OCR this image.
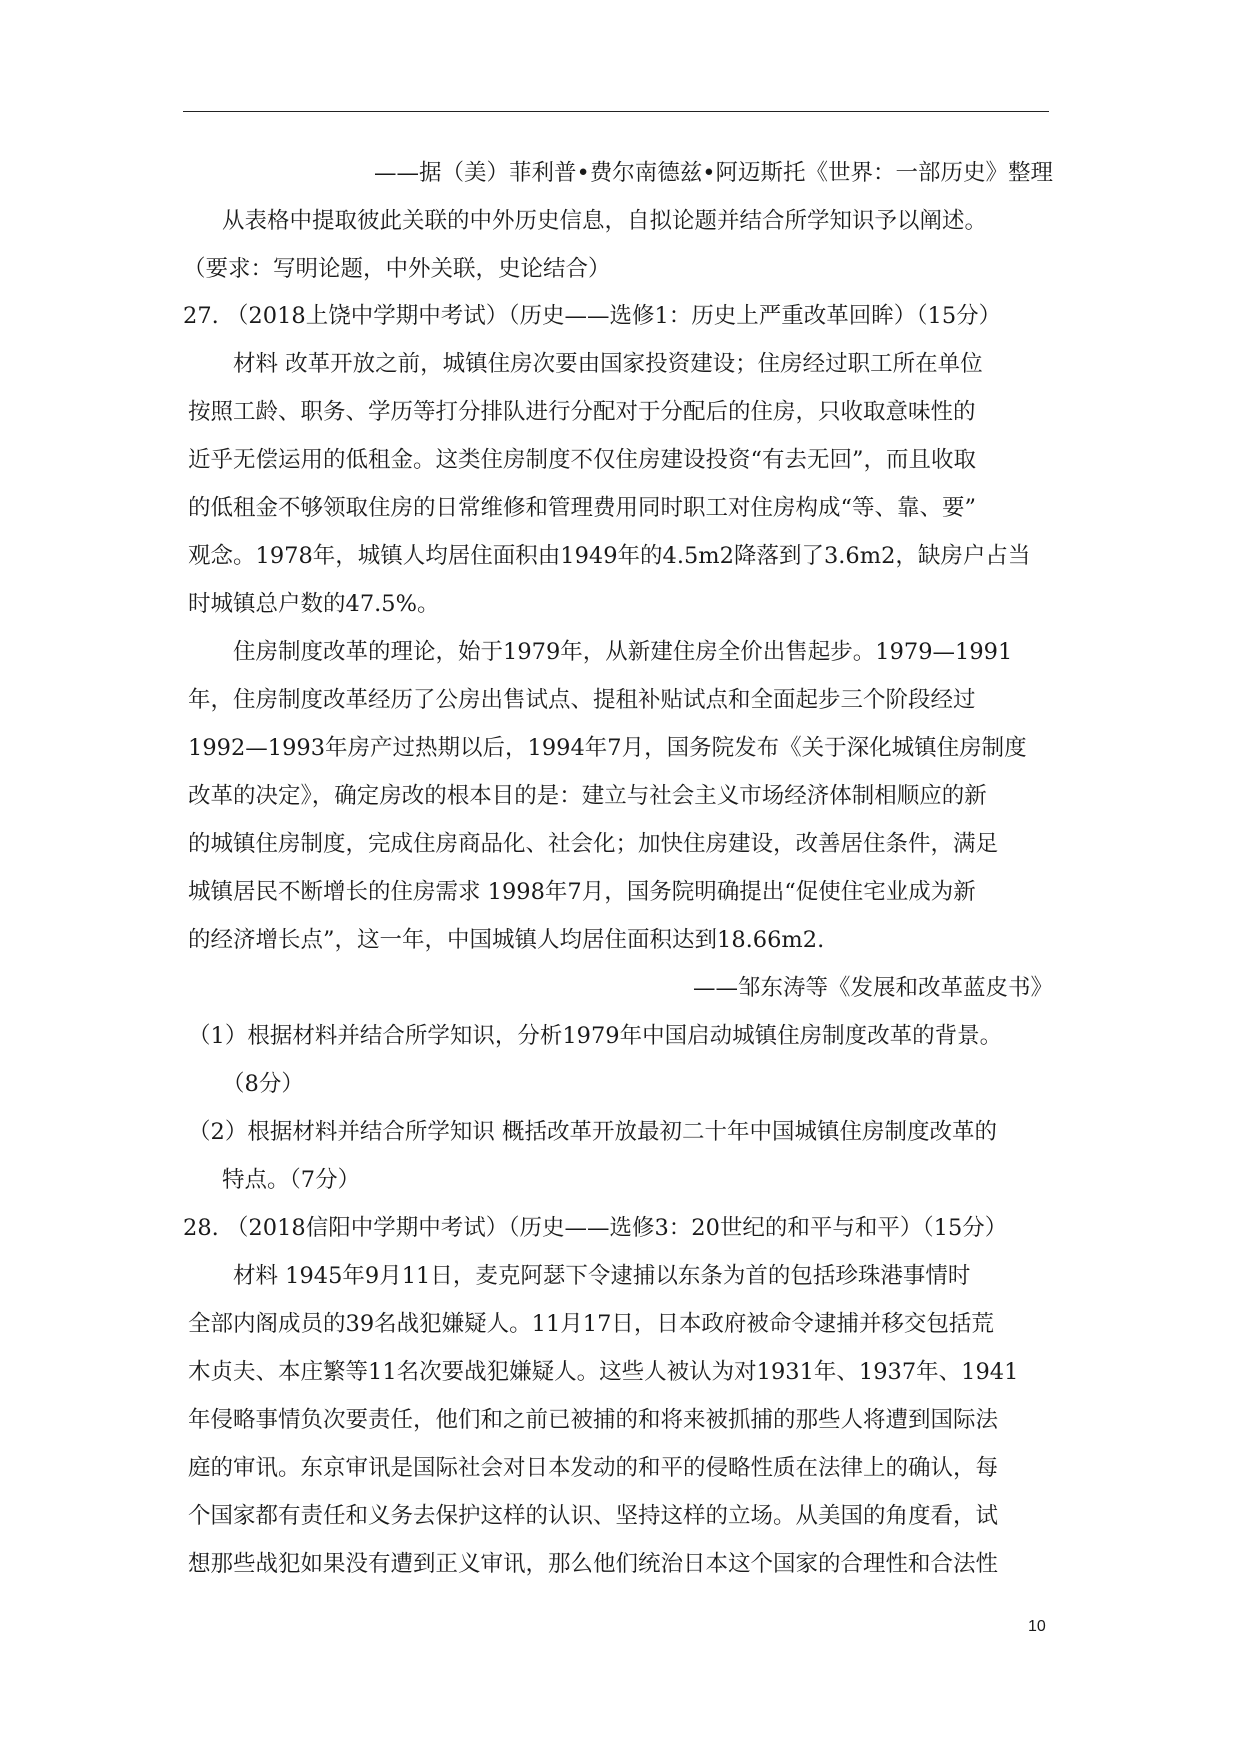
——据（美）菲利普•费尔南德兹•阿迈斯托《世界：一部历史》整理
从表格中提取彼此关联的中外历史信息，自拟论题并结合所学知识予以阐述。
（要求：写明论题，中外关联，史论结合）
27. （2018上饶中学期中考试）（历史——选修1：历史上严重改革回眸）（15分）
材料 改革开放之前，城镇住房次要由国家投资建设；住房经过职工所在单位
按照工龄、职务、学历等打分排队进行分配对于分配后的住房，只收取意味性的
近乎无偿运用的低租金。这类住房制度不仅住房建设投资“有去无回”，而且收取
的低租金不够领取住房的日常维修和管理费用同时职工对住房构成“等、靠、要”
观念。1978年，城镇人均居住面积由1949年的4.5m2降落到了3.6m2，缺房户占当
时城镇总户数的47.5%。
住房制度改革的理论，始于1979年，从新建住房全价出售起步。1979—1991
年，住房制度改革经历了公房出售试点、提租补贴试点和全面起步三个阶段经过
1992—1993年房产过热期以后，1994年7月，国务院发布《关于深化城镇住房制度
改革的决定》，确定房改的根本目的是：建立与社会主义市场经济体制相顺应的新
的城镇住房制度，完成住房商品化、社会化；加快住房建设，改善居住条件，满足
城镇居民不断增长的住房需求 1998年7月，国务院明确提出“促使住宅业成为新
的经济增长点”，这一年，中国城镇人均居住面积达到18.66m2.
——邹东涛等《发展和改革蓝皮书》
（1）根据材料并结合所学知识，分析1979年中国启动城镇住房制度改革的背景。
（8分）
（2）根据材料并结合所学知识 概括改革开放最初二十年中国城镇住房制度改革的
特点。（7分）
28. （2018信阳中学期中考试）（历史——选修3：20世纪的和平与和平）（15分）
材料 1945年9月11日，麦克阿瑟下令逮捕以东条为首的包括珍珠港事情时
全部内阁成员的39名战犯嫌疑人。11月17日，日本政府被命令逮捕并移交包括荒
木贞夫、本庄繁等11名次要战犯嫌疑人。这些人被认为对1931年、1937年、1941
年侵略事情负次要责任，他们和之前已被捕的和将来被抓捕的那些人将遭到国际法
庭的审讯。东京审讯是国际社会对日本发动的和平的侵略性质在法律上的确认，每
个国家都有责任和义务去保护这样的认识、坚持这样的立场。从美国的角度看，试
想那些战犯如果没有遭到正义审讯，那么他们统治日本这个国家的合理性和合法性
10
